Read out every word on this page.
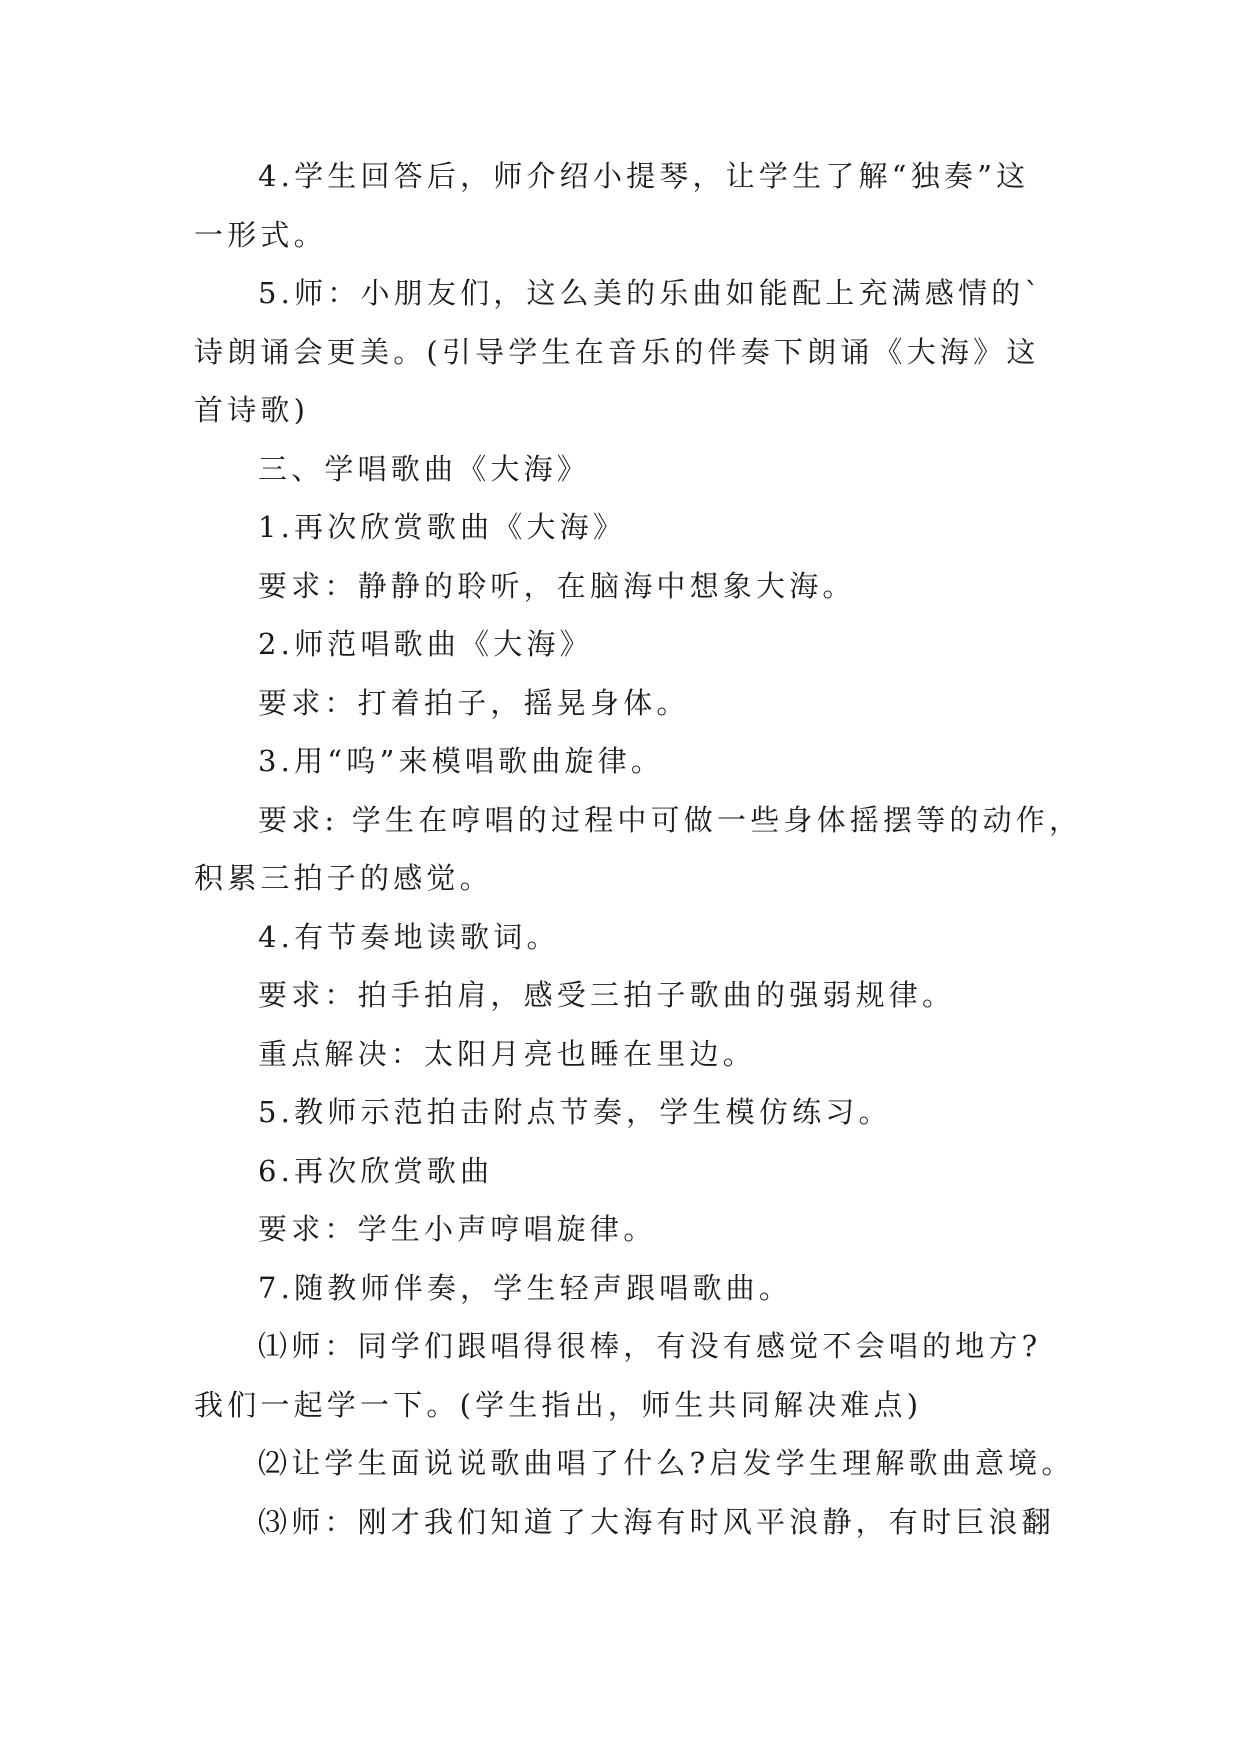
4.学生回答后，师介绍小提琴，让学生了解“独奏”这
一形式。
5.师：小朋友们，这么美的乐曲如能配上充满感情的`
诗朗诵会更美。(引导学生在音乐的伴奏下朗诵《大海》这
首诗歌)
三、学唱歌曲《大海》
1.再次欣赏歌曲《大海》
要求：静静的聆听，在脑海中想象大海。
2.师范唱歌曲《大海》
要求：打着拍子，摇晃身体。
3.用“呜”来模唱歌曲旋律。
要求: 学生在哼唱的过程中可做一些身体摇摆等的动作，
积累三拍子的感觉。
4.有节奏地读歌词。
要求：拍手拍肩，感受三拍子歌曲的强弱规律。
重点解决：太阳月亮也睡在里边。
5.教师示范拍击附点节奏，学生模仿练习。
6.再次欣赏歌曲
要求：学生小声哼唱旋律。
7.随教师伴奏，学生轻声跟唱歌曲。
⑴师：同学们跟唱得很棒，有没有感觉不会唱的地方?
我们一起学一下。(学生指出，师生共同解决难点)
⑵让学生面说说歌曲唱了什么?启发学生理解歌曲意境。
⑶师：刚才我们知道了大海有时风平浪静，有时巨浪翻
